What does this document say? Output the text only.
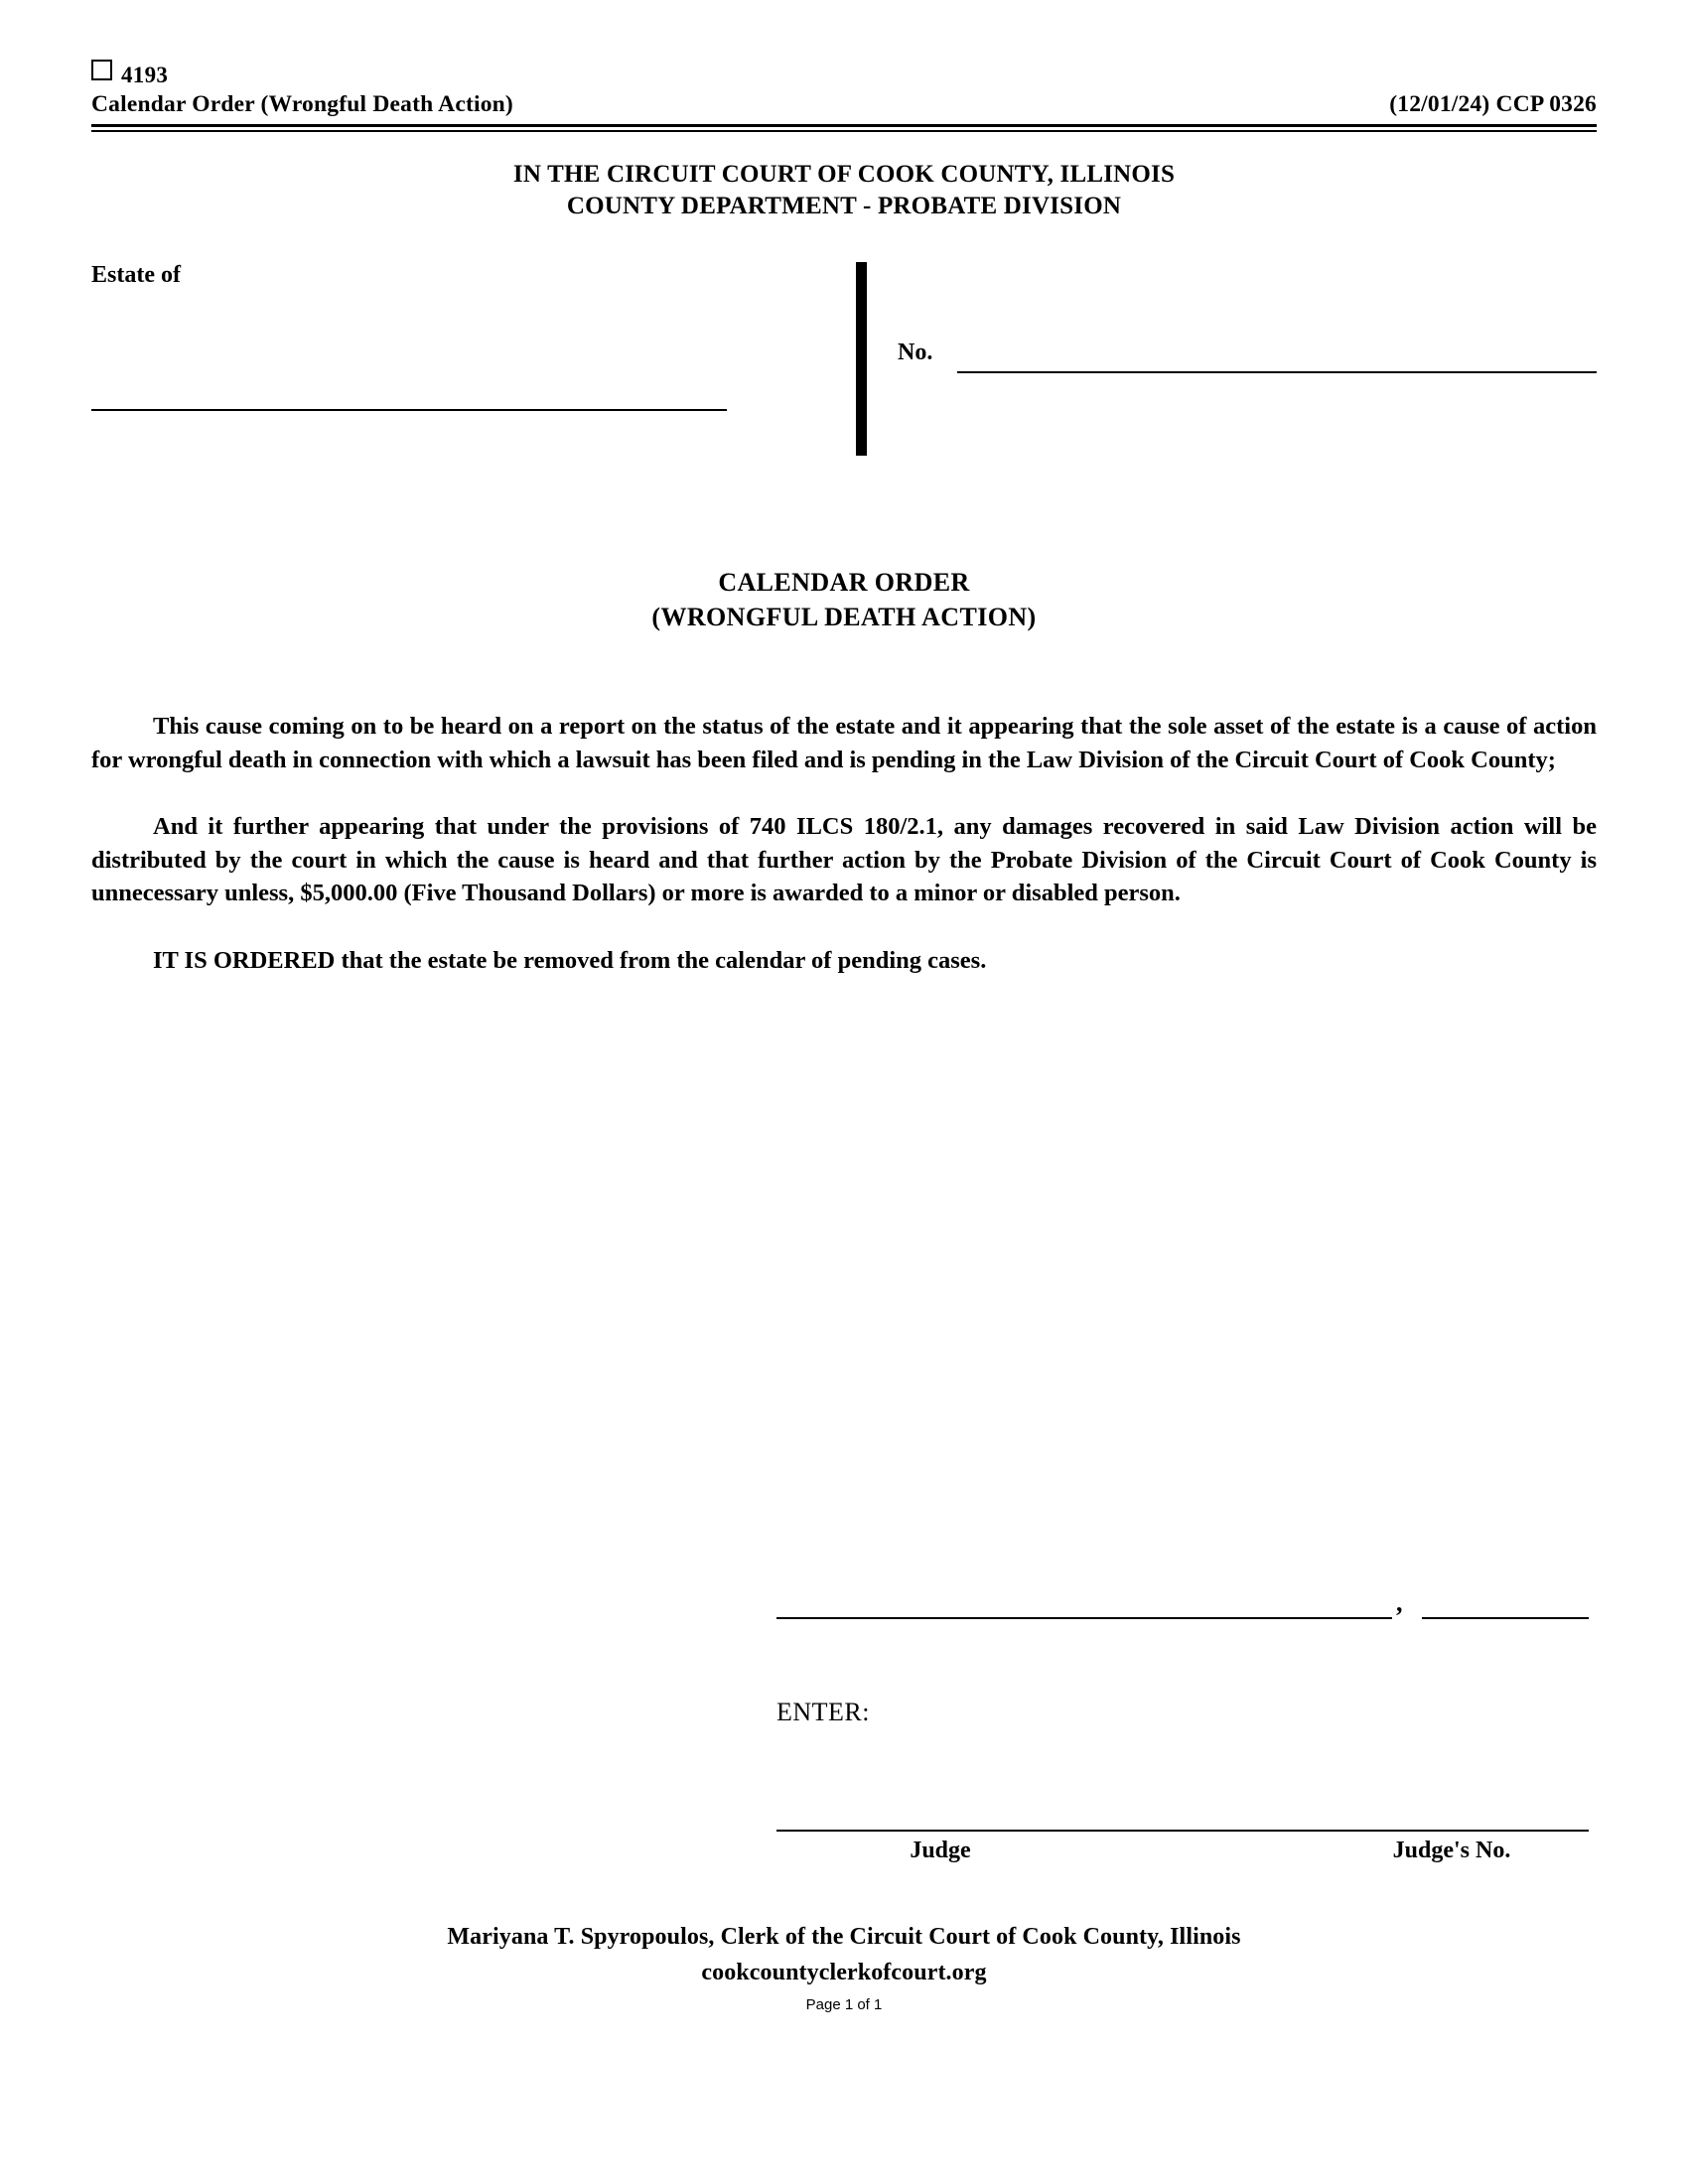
4193
Calendar Order (Wrongful Death Action)	(12/01/24) CCP 0326
IN THE CIRCUIT COURT OF COOK COUNTY, ILLINOIS
COUNTY DEPARTMENT - PROBATE DIVISION
Estate of
No.
CALENDAR ORDER
(WRONGFUL DEATH ACTION)

This cause coming on to be heard on a report on the status of the estate and it appearing that the sole asset of the estate is a cause of action for wrongful death in connection with which a lawsuit has been filed and is pending in the Law Division of the Circuit Court of Cook County;

And it further appearing that under the provisions of 740 ILCS 180/2.1, any damages recovered in said Law Division action will be distributed by the court in which the cause is heard and that further action by the Probate Division of the Circuit Court of Cook County is unnecessary unless, $5,000.00 (Five Thousand Dollars) or more is awarded to a minor or disabled person.

IT IS ORDERED that the estate be removed from the calendar of pending cases.

,
ENTER:
Judge	Judge's No.
Mariyana T. Spyropoulos, Clerk of the Circuit Court of Cook County, Illinois
cookcountyclerkofcourt.org
Page 1 of 1
